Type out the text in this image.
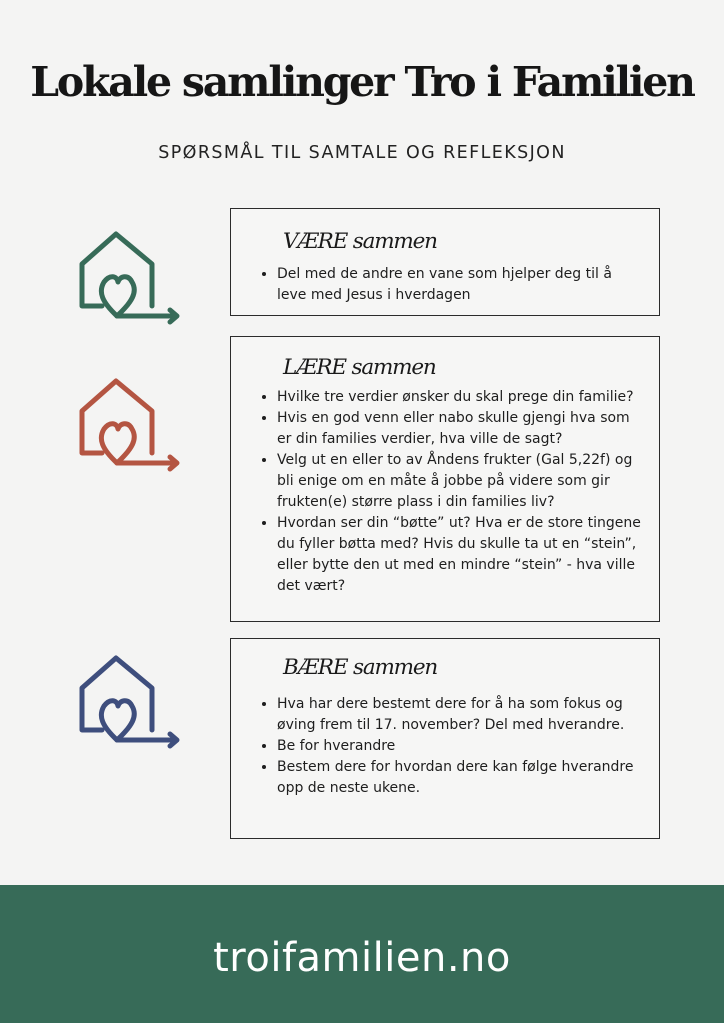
Lokale samlinger Tro i Familien
SPØRSMÅL TIL SAMTALE OG REFLEKSJON
VÆRE sammen
• Del med de andre en vane som hjelper deg til å leve med Jesus i hverdagen
LÆRE sammen
• Hvilke tre verdier ønsker du skal prege din familie?
• Hvis en god venn eller nabo skulle gjengi hva som er din families verdier, hva ville de sagt?
• Velg ut en eller to av Åndens frukter (Gal 5,22f) og bli enige om en måte å jobbe på videre som gir frukten(e) større plass i din families liv?
• Hvordan ser din “bøtte” ut? Hva er de store tingene du fyller bøtta med? Hvis du skulle ta ut en “stein”, eller bytte den ut med en mindre “stein” - hva ville det vært?
BÆRE sammen
• Hva har dere bestemt dere for å ha som fokus og øving frem til 17. november? Del med hverandre.
• Be for hverandre
• Bestem dere for hvordan dere kan følge hverandre opp de neste ukene.
troifamilien.no
